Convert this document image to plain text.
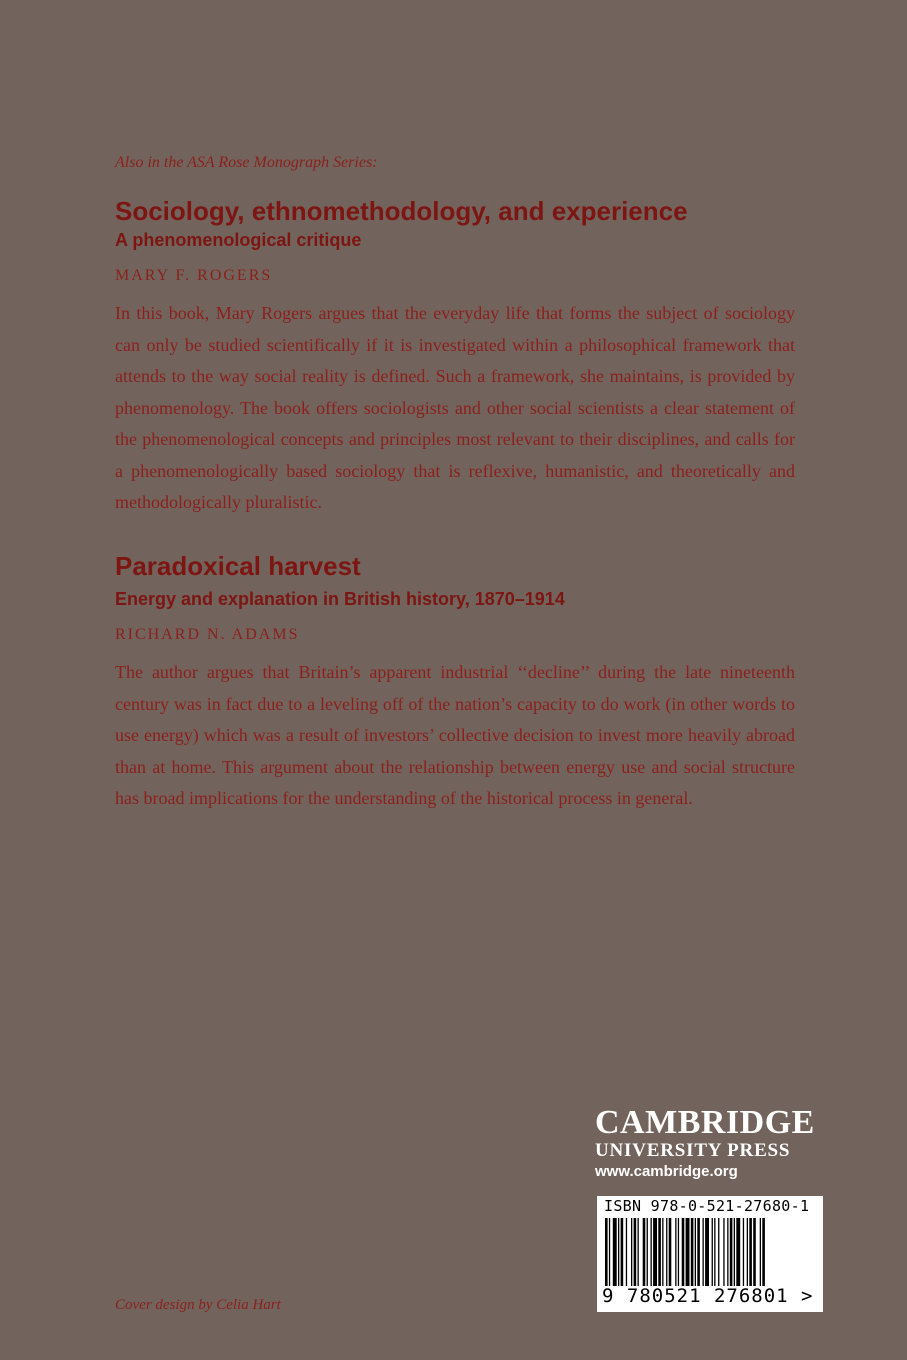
Also in the ASA Rose Monograph Series:
Sociology, ethnomethodology, and experience
A phenomenological critique
MARY F. ROGERS
In this book, Mary Rogers argues that the everyday life that forms the subject of sociology can only be studied scientifically if it is investigated within a philosophical framework that attends to the way social reality is defined. Such a framework, she maintains, is provided by phenomenology. The book offers sociologists and other social scientists a clear statement of the phenomenological concepts and principles most relevant to their disciplines, and calls for a phenomenologically based sociology that is reflexive, humanistic, and theoretically and methodologically pluralistic.
Paradoxical harvest
Energy and explanation in British history, 1870–1914
RICHARD N. ADAMS
The author argues that Britain’s apparent industrial ‘‘decline’’ during the late nineteenth century was in fact due to a leveling off of the nation’s capacity to do work (in other words to use energy) which was a result of investors’ collective decision to invest more heavily abroad than at home. This argument about the relationship between energy use and social structure has broad implications for the understanding of the historical process in general.
CAMBRIDGE
UNIVERSITY PRESS
www.cambridge.org
ISBN 978-0-521-27680-1
9 780521 276801 >
Cover design by Celia Hart
